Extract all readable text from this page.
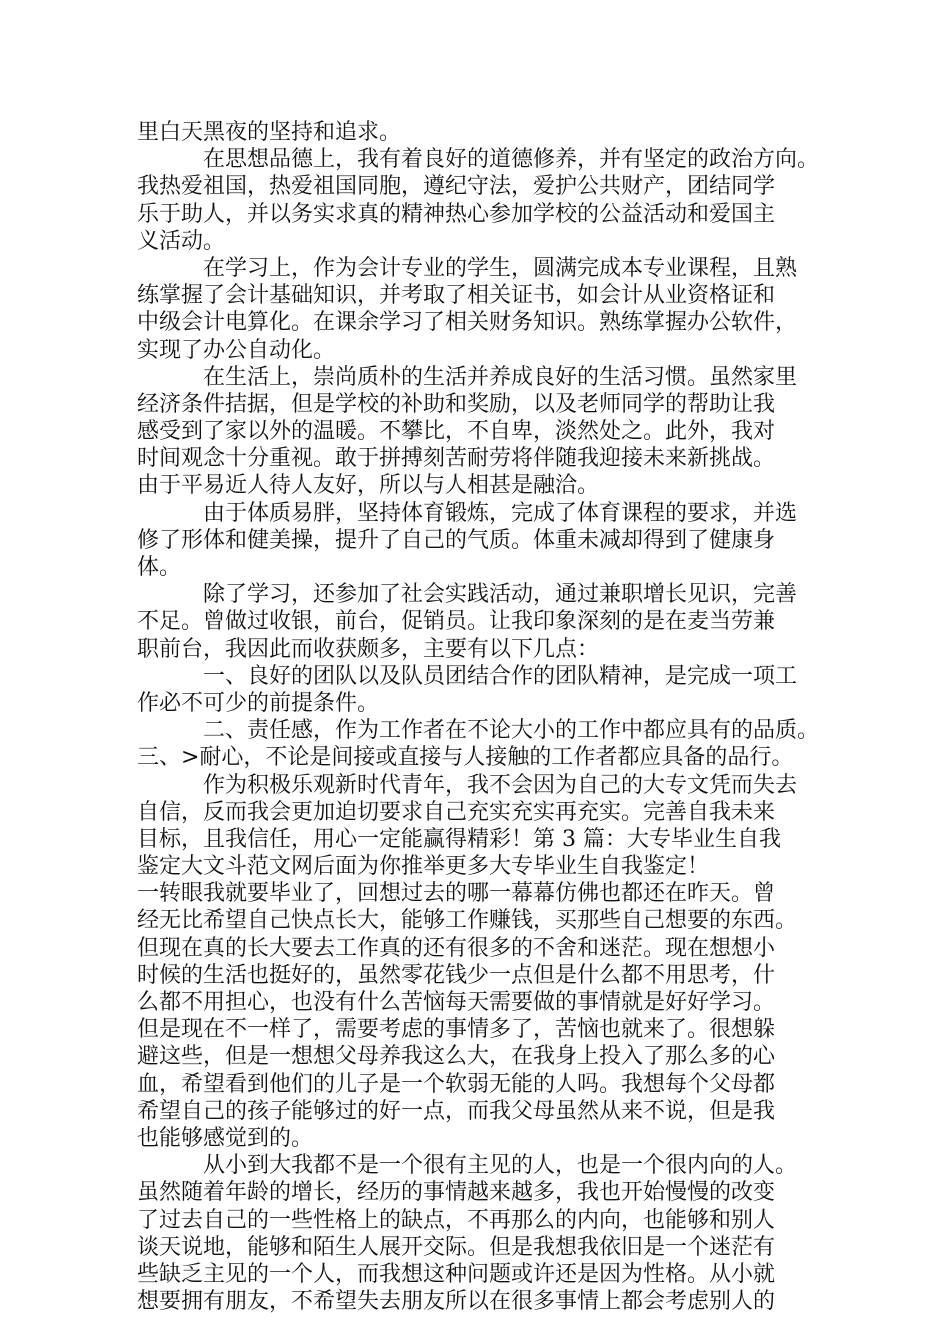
里白天黑夜的坚持和追求。
　　　在思想品德上，我有着良好的道德修养，并有坚定的政治方向。
我热爱祖国，热爱祖国同胞，遵纪守法，爱护公共财产，团结同学
乐于助人，并以务实求真的精神热心参加学校的公益活动和爱国主
义活动。
　　　在学习上，作为会计专业的学生，圆满完成本专业课程，且熟
练掌握了会计基础知识，并考取了相关证书，如会计从业资格证和
中级会计电算化。在课余学习了相关财务知识。熟练掌握办公软件，
实现了办公自动化。
　　　在生活上，崇尚质朴的生活并养成良好的生活习惯。虽然家里
经济条件拮据，但是学校的补助和奖励，以及老师同学的帮助让我
感受到了家以外的温暖。不攀比，不自卑，淡然处之。此外，我对
时间观念十分重视。敢于拼搏刻苦耐劳将伴随我迎接未来新挑战。
由于平易近人待人友好，所以与人相甚是融洽。
　　　由于体质易胖，坚持体育锻炼，完成了体育课程的要求，并选
修了形体和健美操，提升了自己的气质。体重未减却得到了健康身
体。
　　　除了学习，还参加了社会实践活动，通过兼职增长见识，完善
不足。曾做过收银，前台，促销员。让我印象深刻的是在麦当劳兼
职前台，我因此而收获颇多，主要有以下几点：
　　　一、良好的团队以及队员团结合作的团队精神，是完成一项工
作必不可少的前提条件。
　　　二、责任感，作为工作者在不论大小的工作中都应具有的品质。
三、>耐心，不论是间接或直接与人接触的工作者都应具备的品行。
　　　作为积极乐观新时代青年，我不会因为自己的大专文凭而失去
自信，反而我会更加迫切要求自己充实充实再充实。完善自我未来
目标，且我信任，用心一定能赢得精彩！第 3 篇：大专毕业生自我
鉴定大文斗范文网后面为你推举更多大专毕业生自我鉴定！
一转眼我就要毕业了，回想过去的哪一幕幕仿佛也都还在昨天。曾
经无比希望自己快点长大，能够工作赚钱，买那些自己想要的东西。
但现在真的长大要去工作真的还有很多的不舍和迷茫。现在想想小
时候的生活也挺好的，虽然零花钱少一点但是什么都不用思考，什
么都不用担心，也没有什么苦恼每天需要做的事情就是好好学习。
但是现在不一样了，需要考虑的事情多了，苦恼也就来了。很想躲
避这些，但是一想想父母养我这么大，在我身上投入了那么多的心
血，希望看到他们的儿子是一个软弱无能的人吗。我想每个父母都
希望自己的孩子能够过的好一点，而我父母虽然从来不说，但是我
也能够感觉到的。
　　　从小到大我都不是一个很有主见的人，也是一个很内向的人。
虽然随着年龄的增长，经历的事情越来越多，我也开始慢慢的改变
了过去自己的一些性格上的缺点，不再那么的内向，也能够和别人
谈天说地，能够和陌生人展开交际。但是我想我依旧是一个迷茫有
些缺乏主见的一个人，而我想这种问题或许还是因为性格。从小就
想要拥有朋友，不希望失去朋友所以在很多事情上都会考虑别人的
